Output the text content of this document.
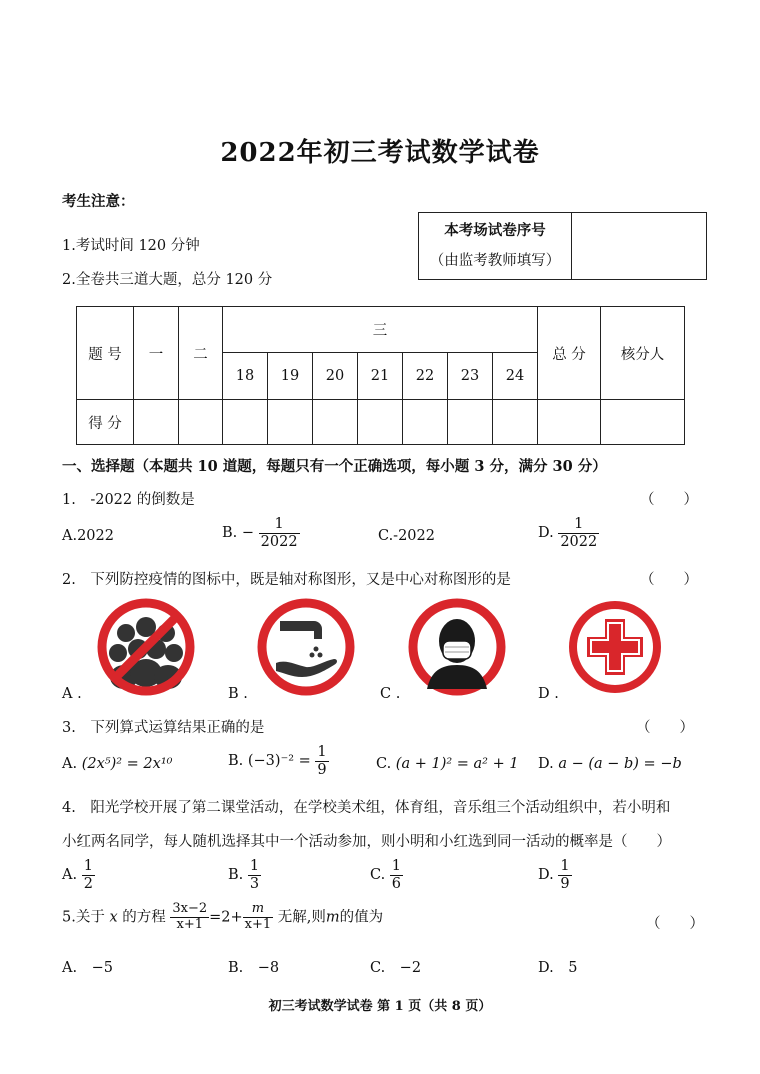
2022年初三考试数学试卷
考生注意：
1.考试时间 120 分钟
2.全卷共三道大题，总分 120 分
本考场试卷序号
（由监考教师填写）

题 号	一	二	三							总 分	核分人
			18	19	20	21	22	23	24		
得 分											
一、选择题（本题共 10 道题，每题只有一个正确选项，每小题 3 分，满分 30 分）
1.　-2022 的倒数是	（　　）
A.2022	B. − $\frac{1}{2022}$	C.-2022	D. $\frac{1}{2022}$
2.　下列防控疫情的图标中，既是轴对称图形，又是中心对称图形的是	（　　）
A .	B .	C .	D .
3.　下列算式运算结果正确的是	（　　）
A. (2x⁵)² = 2x¹⁰	B. $(-3)^{-2} = \frac{1}{9}$	C. (a + 1)² = a² + 1 D. a − (a − b) = −b
4.　阳光学校开展了第二课堂活动，在学校美术组，体育组，音乐组三个活动组织中，若小明和
小红两名同学，每人随机选择其中一个活动参加，则小明和小红选到同一活动的概率是（　　）
A. $\frac{1}{2}$	B. $\frac{1}{3}$	C. $\frac{1}{6}$	D. $\frac{1}{9}$
5.关于 x 的方程 $\frac{3x-2}{x+1} =2+ \frac{m}{x+1}$ 无解,则m的值为	（　　）
A.　−5	B.　−8	C.　−2	D.　5
初三考试数学试卷 第 1 页（共 8 页）
